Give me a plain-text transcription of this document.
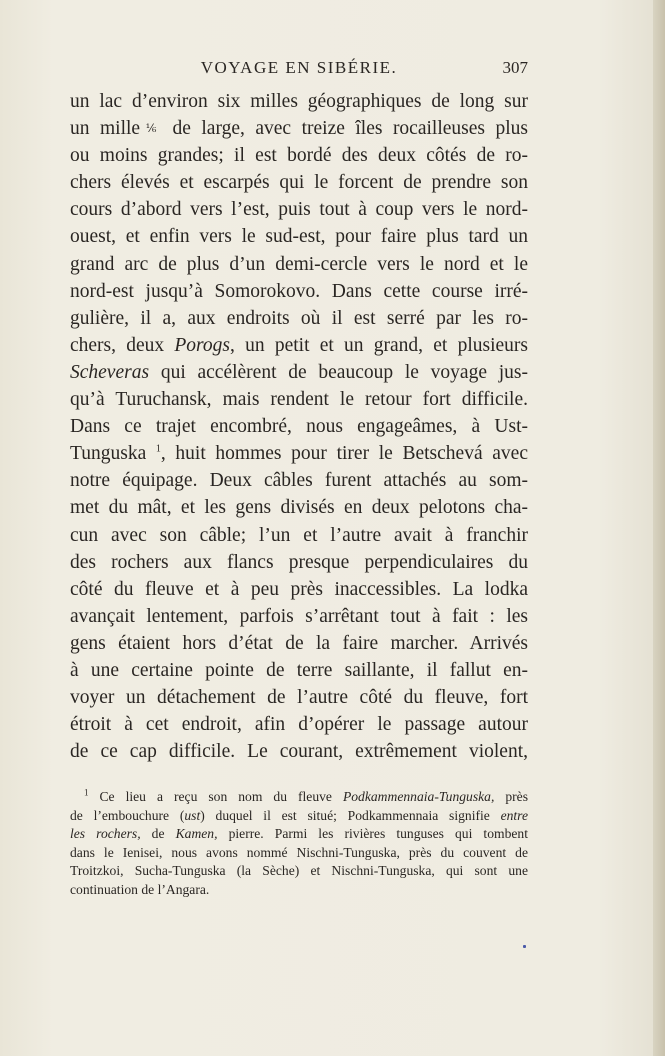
VOYAGE EN SIBÉRIE.	307
un lac d’environ six milles géographiques de long sur
un mille⅙ de large, avec treize îles rocailleuses plus
ou moins grandes; il est bordé des deux côtés de ro-
chers élevés et escarpés qui le forcent de prendre son
cours d’abord vers l’est, puis tout à coup vers le nord-
ouest, et enfin vers le sud-est, pour faire plus tard un
grand arc de plus d’un demi-cercle vers le nord et le
nord-est jusqu’à Somorokovo. Dans cette course irré-
gulière, il a, aux endroits où il est serré par les ro-
chers, deux Porogs, un petit et un grand, et plusieurs
Scheveras qui accélèrent de beaucoup le voyage jus-
qu’à Turuchansk, mais rendent le retour fort difficile.
Dans ce trajet encombré, nous engageâmes, à Ust-
Tunguska $^1$, huit hommes pour tirer le Betschevá avec
notre équipage. Deux câbles furent attachés au som-
met du mât, et les gens divisés en deux pelotons cha-
cun avec son câble; l’un et l’autre avait à franchir
des rochers aux flancs presque perpendiculaires du
côté du fleuve et à peu près inaccessibles. La lodka
avançait lentement, parfois s’arrêtant tout à fait : les
gens étaient hors d’état de la faire marcher. Arrivés
à une certaine pointe de terre saillante, il fallut en-
voyer un détachement de l’autre côté du fleuve, fort
étroit à cet endroit, afin d’opérer le passage autour
de ce cap difficile. Le courant, extrêmement violent,
$^1$ Ce lieu a reçu son nom du fleuve Podkammennaia-Tunguska, près
de l’embouchure (ust) duquel il est situé; Podkammennaia signifie entre
les rochers, de Kamen, pierre. Parmi les rivières tunguses qui tombent
dans le Ienisei, nous avons nommé Nischni-Tunguska, près du couvent de
Troitzkoi, Sucha-Tunguska (la Sèche) et Nischni-Tunguska, qui sont une
continuation de l’Angara.
